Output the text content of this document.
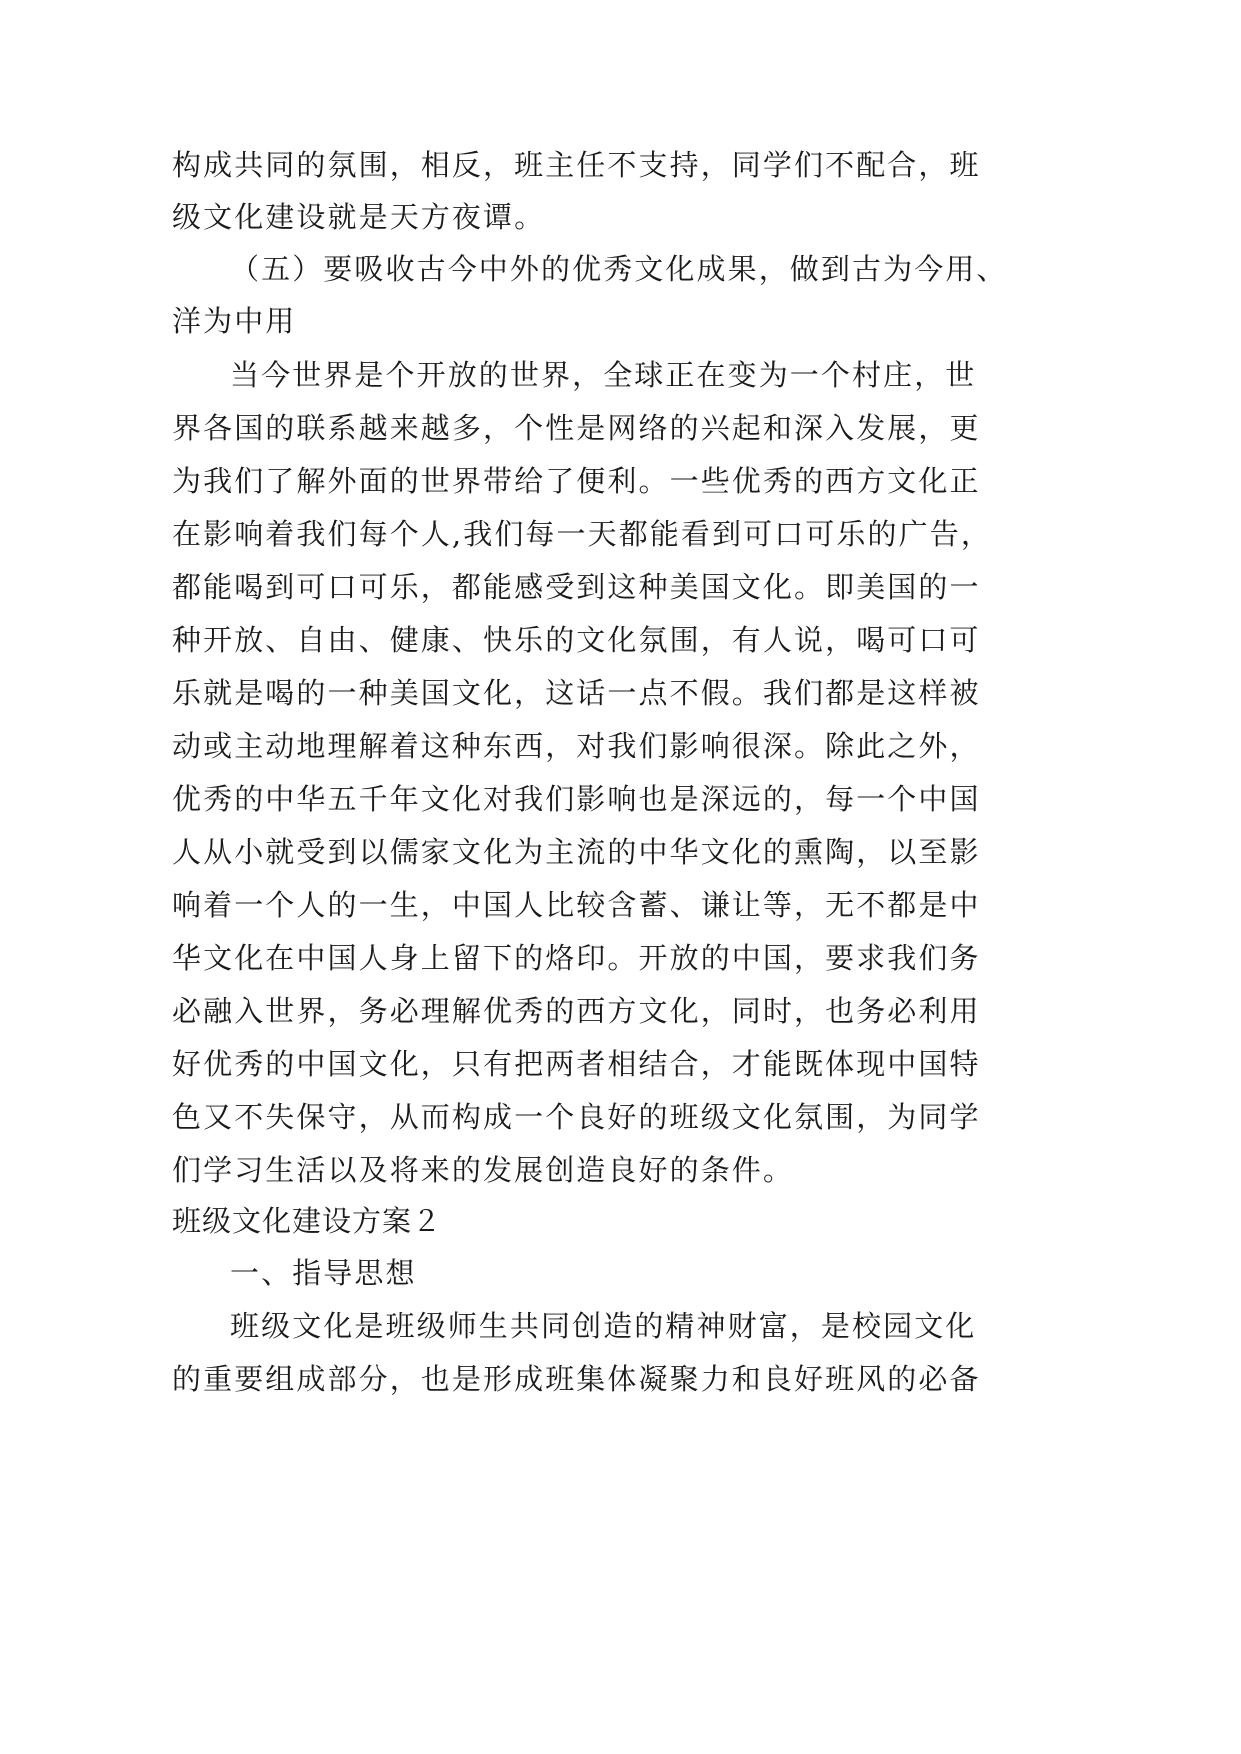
构成共同的氛围，相反，班主任不支持，同学们不配合，班
级文化建设就是天方夜谭。
（五）要吸收古今中外的优秀文化成果，做到古为今用、
洋为中用
当今世界是个开放的世界，全球正在变为一个村庄，世
界各国的联系越来越多，个性是网络的兴起和深入发展，更
为我们了解外面的世界带给了便利。一些优秀的西方文化正
在影响着我们每个人,我们每一天都能看到可口可乐的广告，
都能喝到可口可乐，都能感受到这种美国文化。即美国的一
种开放、自由、健康、快乐的文化氛围，有人说，喝可口可
乐就是喝的一种美国文化，这话一点不假。我们都是这样被
动或主动地理解着这种东西，对我们影响很深。除此之外，
优秀的中华五千年文化对我们影响也是深远的，每一个中国
人从小就受到以儒家文化为主流的中华文化的熏陶，以至影
响着一个人的一生，中国人比较含蓄、谦让等，无不都是中
华文化在中国人身上留下的烙印。开放的中国，要求我们务
必融入世界，务必理解优秀的西方文化，同时，也务必利用
好优秀的中国文化，只有把两者相结合，才能既体现中国特
色又不失保守，从而构成一个良好的班级文化氛围，为同学
们学习生活以及将来的发展创造良好的条件。
班级文化建设方案２
一、指导思想
班级文化是班级师生共同创造的精神财富，是校园文化
的重要组成部分，也是形成班集体凝聚力和良好班风的必备
